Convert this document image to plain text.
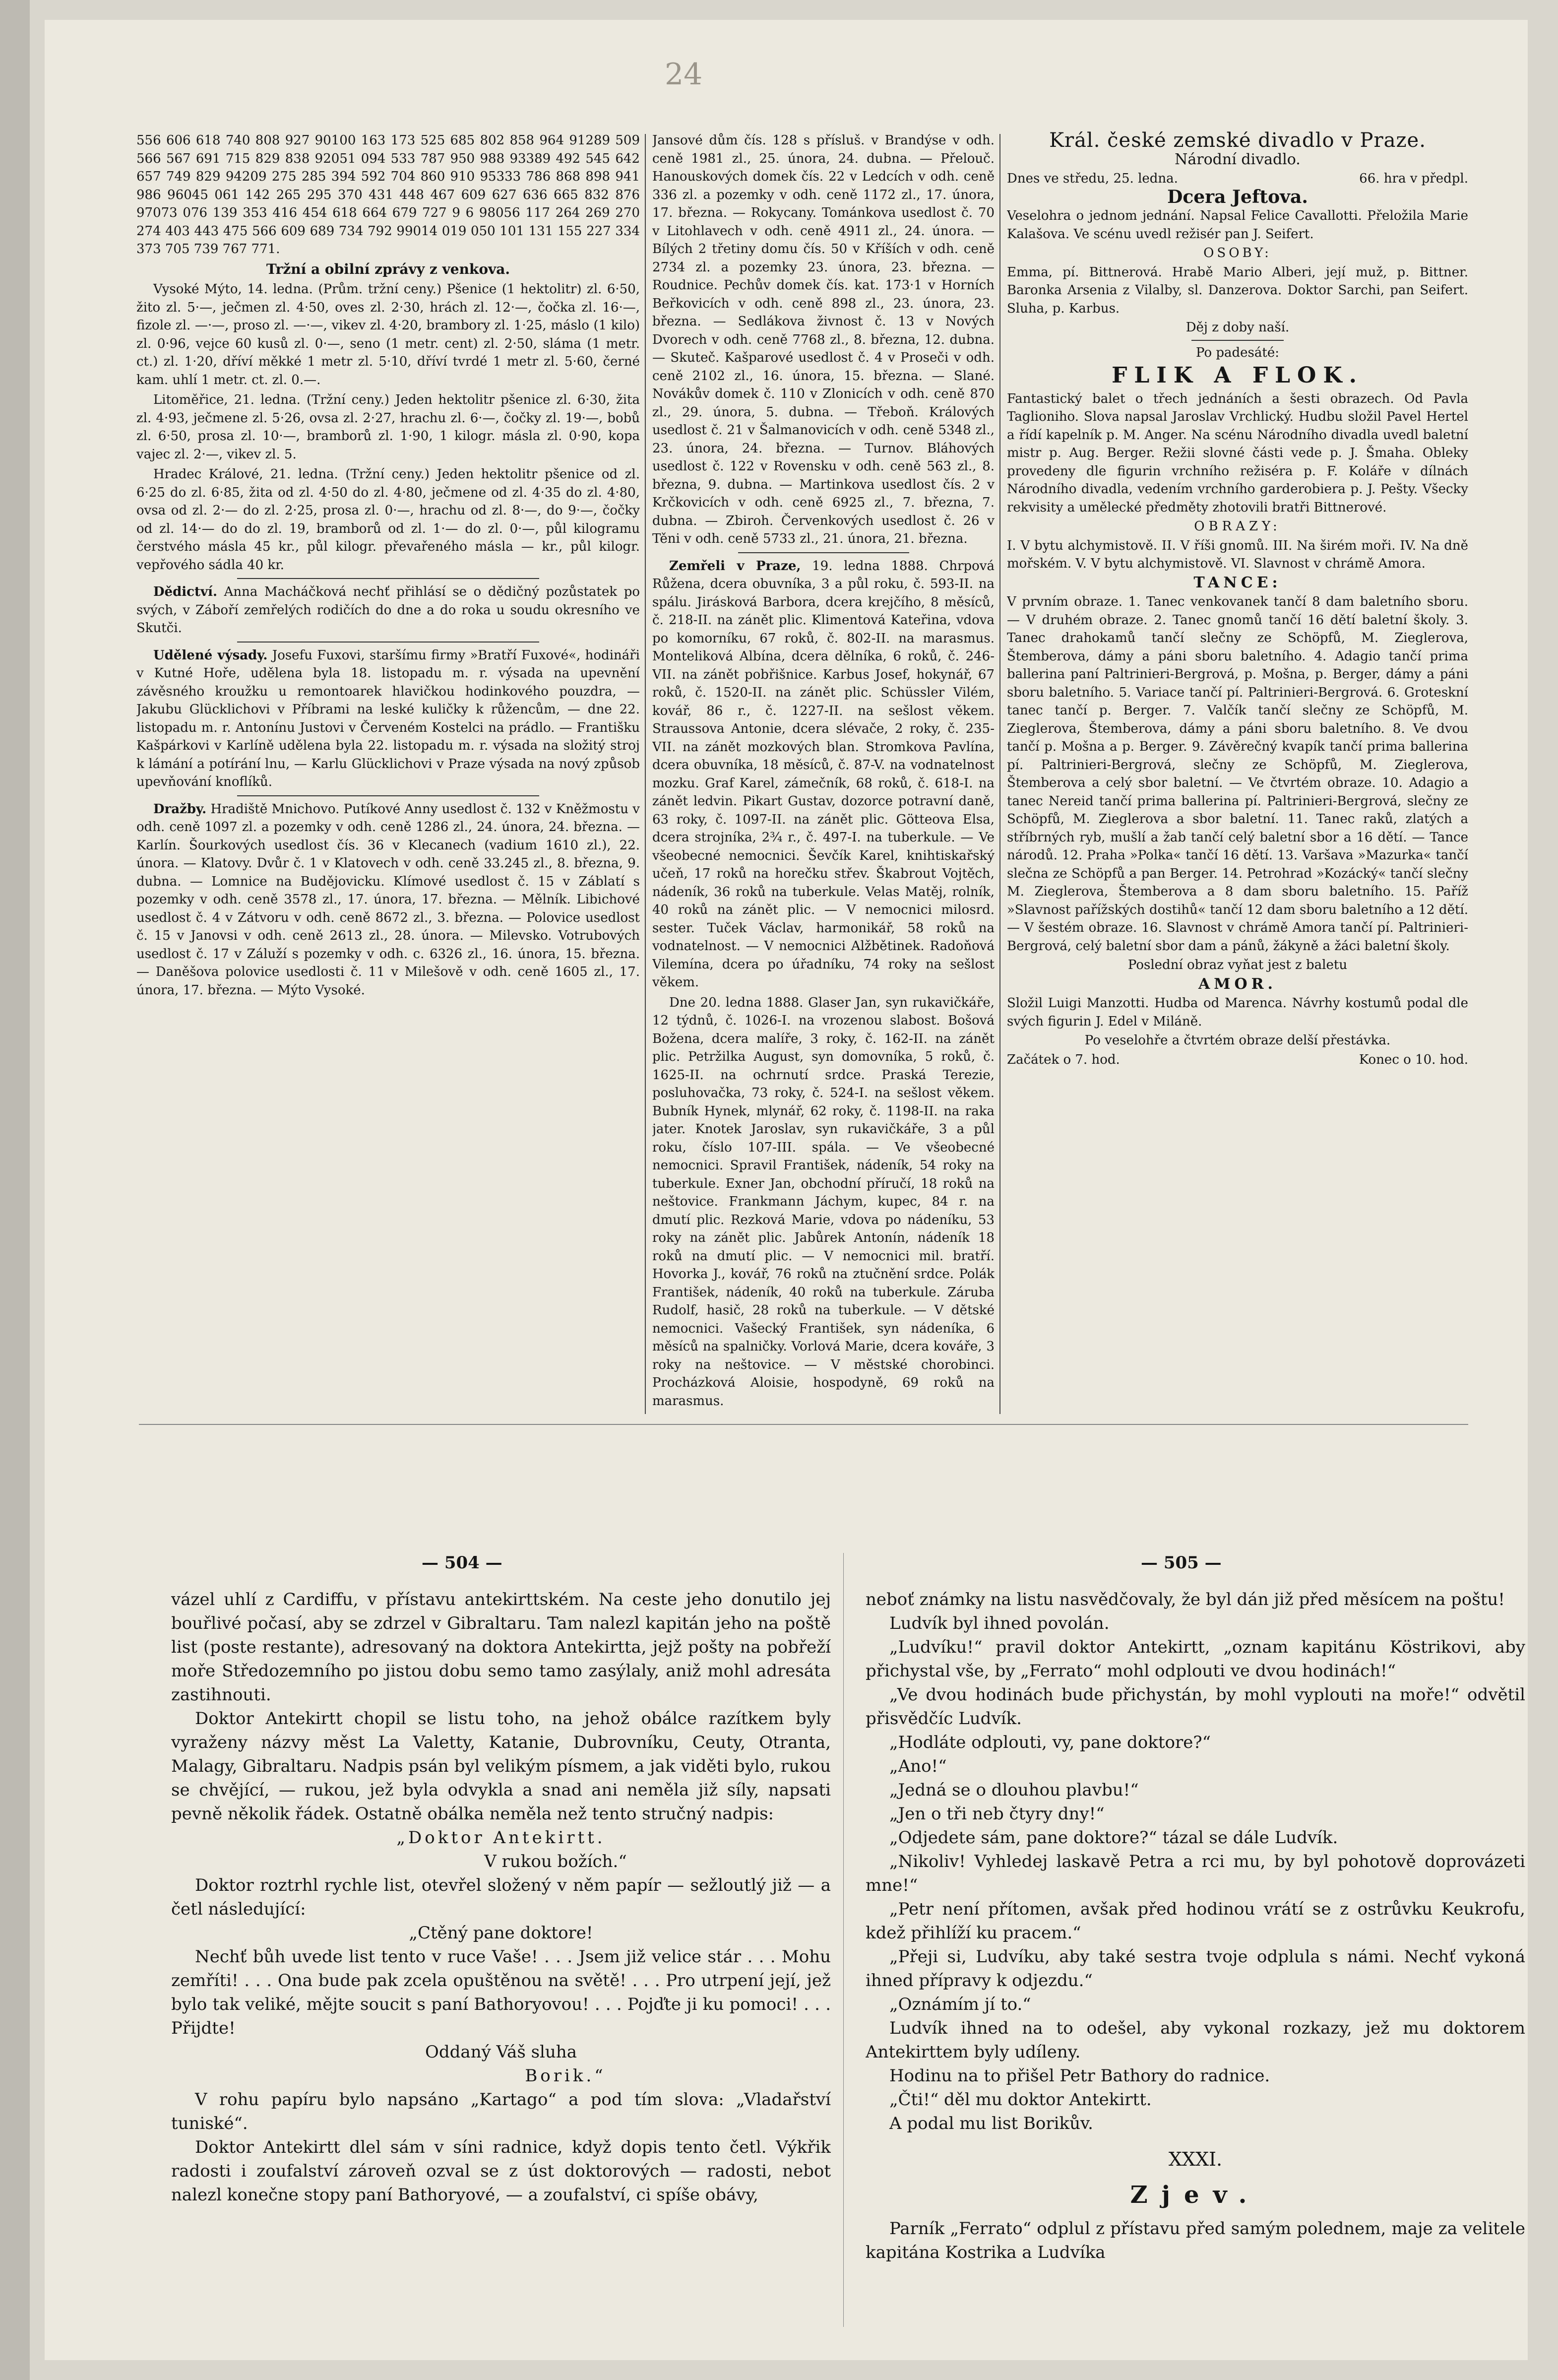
24

556 606 618 740 808 927 90100 163 173 525 685 802 858 964 91289 509 566 567 691 715 829 838 92051 094 533 787 950 988 93389 492 545 642 657 749 829 94209 275 285 394 592 704 860 910 95333 786 868 898 941 986 96045 061 142 265 295 370 431 448 467 609 627 636 665 832 876 97073 076 139 353 416 454 618 664 679 727 9 6 98056 117 264 269 270 274 403 443 475 566 609 689 734 792 99014 019 050 101 131 155 227 334 373 705 739 767 771.

Tržní a obilní zprávy z venkova.

Vysoké Mýto, 14. ledna. (Prům. tržní ceny.) Pšenice (1 hektolitr) zl. 6·50, žito zl. 5·—, ječmen zl. 4·50, oves zl. 2·30, hrách zl. 12·—, čočka zl. 16·—, fizole zl. —·—, proso zl. —·—, vikev zl. 4·20, brambory zl. 1·25, máslo (1 kilo) zl. 0·96, vejce 60 kusů zl. 0·—, seno (1 metr. cent) zl. 2·50, sláma (1 metr. ct.) zl. 1·20, dříví měkké 1 metr zl. 5·10, dříví tvrdé 1 metr zl. 5·60, černé kam. uhlí 1 metr. ct. zl. 0.—.

Litoměřice, 21. ledna. (Tržní ceny.) Jeden hektolitr pšenice zl. 6·30, žita zl. 4·93, ječmene zl. 5·26, ovsa zl. 2·27, hrachu zl. 6·—, čočky zl. 19·—, bobů zl. 6·50, prosa zl. 10·—, bramborů zl. 1·90, 1 kilogr. másla zl. 0·90, kopa vajec zl. 2·—, vikev zl. 5.

Hradec Králové, 21. ledna. (Tržní ceny.) Jeden hektolitr pšenice od zl. 6·25 do zl. 6·85, žita od zl. 4·50 do zl. 4·80, ječmene od zl. 4·35 do zl. 4·80, ovsa od zl. 2·— do zl. 2·25, prosa zl. 0·—, hrachu od zl. 8·—, do 9·—, čočky od zl. 14·— do do zl. 19, bramborů od zl. 1·— do zl. 0·—, půl kilogramu čerstvého másla 45 kr., půl kilogr. převařeného másla — kr., půl kilogr. vepřového sádla 40 kr.

Dědictví. Anna Macháčková nechť přihlásí se o dědičný pozůstatek po svých, v Záboří zemřelých rodičích do dne a do roka u soudu okresního ve Skutči.

Udělené výsady. Josefu Fuxovi, staršímu firmy »Bratří Fuxové«, hodináři v Kutné Hoře, udělena byla 18. listopadu m. r. výsada na upevnění závěsného kroužku u remontoarek hlavičkou hodinkového pouzdra, — Jakubu Glücklichovi v Příbrami na leské kuličky k růžencům, — dne 22. listopadu m. r. Antonínu Justovi v Červeném Kostelci na prádlo. — Františku Kašpárkovi v Karlíně udělena byla 22. listopadu m. r. výsada na složitý stroj k lámání a potírání lnu, — Karlu Glücklichovi v Praze výsada na nový způsob upevňování knoflíků.

Dražby. Hradiště Mnichovo. Putíkové Anny usedlost č. 132 v Kněžmostu v odh. ceně 1097 zl. a pozemky v odh. ceně 1286 zl., 24. února, 24. března. — Karlín. Šourkových usedlost čís. 36 v Klecanech (vadium 1610 zl.), 22. února. — Klatovy. Dvůr č. 1 v Klatovech v odh. ceně 33.245 zl., 8. března, 9. dubna. — Lomnice na Budějovicku. Klímové usedlost č. 15 v Záblatí s pozemky v odh. ceně 3578 zl., 17. února, 17. března. — Mělník. Libichové usedlost č. 4 v Zátvoru v odh. ceně 8672 zl., 3. března. — Polovice usedlost č. 15 v Janovsi v odh. ceně 2613 zl., 28. února. — Milevsko. Votrubových usedlost č. 17 v Záluží s pozemky v odh. c. 6326 zl., 16. února, 15. března. — Daněšova polovice usedlosti č. 11 v Milešově v odh. ceně 1605 zl., 17. února, 17. března. — Mýto Vysoké.

Jansové dům čís. 128 s přísluš. v Brandýse v odh. ceně 1981 zl., 25. února, 24. dubna. — Přelouč. Hanouskových domek čís. 22 v Ledcích v odh. ceně 336 zl. a pozemky v odh. ceně 1172 zl., 17. února, 17. března. — Rokycany. Tománkova usedlost č. 70 v Litohlavech v odh. ceně 4911 zl., 24. února. — Bílých 2 třetiny domu čís. 50 v Kříších v odh. ceně 2734 zl. a pozemky 23. února, 23. března. — Roudnice. Pechův domek čís. kat. 173·1 v Horních Beřkovicích v odh. ceně 898 zl., 23. února, 23. března. — Sedlákova živnost č. 13 v Nových Dvorech v odh. ceně 7768 zl., 8. března, 12. dubna. — Skuteč. Kašparové usedlost č. 4 v Proseči v odh. ceně 2102 zl., 16. února, 15. března. — Slané. Novákův domek č. 110 v Zlonicích v odh. ceně 870 zl., 29. února, 5. dubna. — Třeboň. Králových usedlost č. 21 v Šalmanovicích v odh. ceně 5348 zl., 23. února, 24. března. — Turnov. Bláhových usedlost č. 122 v Rovensku v odh. ceně 563 zl., 8. března, 9. dubna. — Martinkova usedlost čís. 2 v Krčkovicích v odh. ceně 6925 zl., 7. března, 7. dubna. — Zbiroh. Červenkových usedlost č. 26 v Těni v odh. ceně 5733 zl., 21. února, 21. března.

Zemřeli v Praze, 19. ledna 1888. Chrpová Růžena, dcera obuvníka, 3 a půl roku, č. 593-II. na spálu. Jirásková Barbora, dcera krejčího, 8 měsíců, č. 218-II. na zánět plic. Klimentová Kateřina, vdova po komorníku, 67 roků, č. 802-II. na marasmus. Monteliková Albína, dcera dělníka, 6 roků, č. 246-VII. na zánět pobřišnice. Karbus Josef, hokynář, 67 roků, č. 1520-II. na zánět plic. Schüssler Vilém, kovář, 86 r., č. 1227-II. na sešlost věkem. Straussova Antonie, dcera slévače, 2 roky, č. 235-VII. na zánět mozkových blan. Stromkova Pavlína, dcera obuvníka, 18 měsíců, č. 87-V. na vodnatelnost mozku. Graf Karel, zámečník, 68 roků, č. 618-I. na zánět ledvin. Pikart Gustav, dozorce potravní daně, 63 roky, č. 1097-II. na zánět plic. Götteova Elsa, dcera strojníka, 2¾ r., č. 497-I. na tuberkule. — Ve všeobecné nemocnici. Ševčík Karel, knihtiskařský učeň, 17 roků na horečku střev. Škabrout Vojtěch, nádeník, 36 roků na tuberkule. Velas Matěj, rolník, 40 roků na zánět plic. — V nemocnici milosrd. sester. Tuček Václav, harmonikář, 58 roků na vodnatelnost. — V nemocnici Alžbětinek. Radoňová Vilemína, dcera po úřadníku, 74 roky na sešlost věkem.

Dne 20. ledna 1888. Glaser Jan, syn rukavičkáře, 12 týdnů, č. 1026-I. na vrozenou slabost. Bošová Božena, dcera malíře, 3 roky, č. 162-II. na zánět plic. Petržilka August, syn domovníka, 5 roků, č. 1625-II. na ochrnutí srdce. Praská Terezie, posluhovačka, 73 roky, č. 524-I. na sešlost věkem. Bubník Hynek, mlynář, 62 roky, č. 1198-II. na raka jater. Knotek Jaroslav, syn rukavičkáře, 3 a půl roku, číslo 107-III. spála. — Ve všeobecné nemocnici. Spravil František, nádeník, 54 roky na tuberkule. Exner Jan, obchodní příručí, 18 roků na neštovice. Frankmann Jáchym, kupec, 84 r. na dmutí plic. Rezková Marie, vdova po nádeníku, 53 roky na zánět plic. Jabůrek Antonín, nádeník 18 roků na dmutí plic. — V nemocnici mil. bratří. Hovorka J., kovář, 76 roků na ztučnění srdce. Polák František, nádeník, 40 roků na tuberkule. Záruba Rudolf, hasič, 28 roků na tuberkule. — V dětské nemocnici. Vašecký František, syn nádeníka, 6 měsíců na spalničky. Vorlová Marie, dcera kováře, 3 roky na neštovice. — V městské chorobinci. Procházková Aloisie, hospodyně, 69 roků na marasmus.

Král. české zemské divadlo v Praze.

Národní divadlo.

Dnes ve středu, 25. ledna.	66. hra v předpl.

Dcera Jeftova.

Veselohra o jednom jednání. Napsal Felice Cavallotti. Přeložila Marie Kalašova. Ve scénu uvedl režisér pan J. Seifert.

OSOBY:

Emma, pí. Bittnerová. Hrabě Mario Alberi, její muž, p. Bittner. Baronka Arsenia z Vilalby, sl. Danzerova. Doktor Sarchi, pan Seifert. Sluha, p. Karbus.

Děj z doby naší.

Po padesáté:

FLIK A FLOK.

Fantastický balet o třech jednáních a šesti obrazech. Od Pavla Taglioniho. Slova napsal Jaroslav Vrchlický. Hudbu složil Pavel Hertel a řídí kapelník p. M. Anger. Na scénu Národního divadla uvedl baletní mistr p. Aug. Berger. Režii slovné části vede p. J. Šmaha. Obleky provedeny dle figurin vrchního režiséra p. F. Koláře v dílnách Národního divadla, vedením vrchního garderobiera p. J. Pešty. Všecky rekvisity a umělecké předměty zhotovili bratři Bittnerové.

OBRAZY:

I. V bytu alchymistově. II. V říši gnomů. III. Na širém moři. IV. Na dně mořském. V. V bytu alchymistově. VI. Slavnost v chrámě Amora.

TANCE:

V prvním obraze. 1. Tanec venkovanek tančí 8 dam baletního sboru. — V druhém obraze. 2. Tanec gnomů tančí 16 dětí baletní školy. 3. Tanec drahokamů tančí slečny ze Schöpfů, M. Zieglerova, Štemberova, dámy a páni sboru baletního. 4. Adagio tančí prima ballerina paní Paltrinieri-Bergrová, p. Mošna, p. Berger, dámy a páni sboru baletního. 5. Variace tančí pí. Paltrinieri-Bergrová. 6. Groteskní tanec tančí p. Berger. 7. Valčík tančí slečny ze Schöpfů, M. Zieglerova, Štemberova, dámy a páni sboru baletního. 8. Ve dvou tančí p. Mošna a p. Berger. 9. Závěrečný kvapík tančí prima ballerina pí. Paltrinieri-Bergrová, slečny ze Schöpfů, M. Zieglerova, Štemberova a celý sbor baletní. — Ve čtvrtém obraze. 10. Adagio a tanec Nereid tančí prima ballerina pí. Paltrinieri-Bergrová, slečny ze Schöpfů, M. Zieglerova a sbor baletní. 11. Tanec raků, zlatých a stříbrných ryb, mušlí a žab tančí celý baletní sbor a 16 dětí. — Tance národů. 12. Praha »Polka« tančí 16 dětí. 13. Varšava »Mazurka« tančí slečna ze Schöpfů a pan Berger. 14. Petrohrad »Kozácký« tančí slečny M. Zieglerova, Štemberova a 8 dam sboru baletního. 15. Paříž »Slavnost pařížských dostihů« tančí 12 dam sboru baletního a 12 dětí. — V šestém obraze. 16. Slavnost v chrámě Amora tančí pí. Paltrinieri-Bergrová, celý baletní sbor dam a pánů, žákyně a žáci baletní školy.

Poslední obraz vyňat jest z baletu

AMOR.

Složil Luigi Manzotti. Hudba od Marenca. Návrhy kostumů podal dle svých figurin J. Edel v Miláně.

Po veselohře a čtvrtém obraze delší přestávka.

Začátek o 7. hod.	Konec o 10. hod.
— 504 —	— 505 —

vázel uhlí z Cardiffu, v přístavu antekirttském. Na ceste jeho donutilo jej bouřlivé počasí, aby se zdrzel v Gibraltaru. Tam nalezl kapitán jeho na poště list (poste restante), adresovaný na doktora Antekirtta, jejž pošty na pobřeží moře Středozemního po jistou dobu semo tamo zasýlaly, aniž mohl adresáta zastihnouti.

Doktor Antekirtt chopil se listu toho, na jehož obálce razítkem byly vyraženy názvy měst La Valetty, Katanie, Dubrovníku, Ceuty, Otranta, Malagy, Gibraltaru. Nadpis psán byl velikým písmem, a jak viděti bylo, rukou se chvějící, — rukou, jež byla odvykla a snad ani neměla již síly, napsati pevně několik řádek. Ostatně obálka neměla než tento stručný nadpis:

„Doktor Antekirtt.

V rukou božích.“

Doktor roztrhl rychle list, otevřel složený v něm papír — sežloutlý již — a četl následující:

„Ctěný pane doktore!

Nechť bůh uvede list tento v ruce Vaše! . . . Jsem již velice stár . . . Mohu zemříti! . . . Ona bude pak zcela opuštěnou na světě! . . . Pro utrpení její, jež bylo tak veliké, mějte soucit s paní Bathoryovou! . . . Pojďte ji ku pomoci! . . . Přijdte!

Oddaný Váš sluha

Borik.“

V rohu papíru bylo napsáno „Kartago“ a pod tím slova: „Vladařství tuniské“.

Doktor Antekirtt dlel sám v síni radnice, když dopis tento četl. Výkřik radosti i zoufalství zároveň ozval se z úst doktorových — radosti, nebot nalezl konečne stopy paní Bathoryové, — a zoufalství, ci spíše obávy,

neboť známky na listu nasvědčovaly, že byl dán již před měsícem na poštu!

Ludvík byl ihned povolán.

„Ludvíku!“ pravil doktor Antekirtt, „oznam kapitánu Köstrikovi, aby přichystal vše, by „Ferrato“ mohl odplouti ve dvou hodinách!“

„Ve dvou hodinách bude přichystán, by mohl vyplouti na moře!“ odvětil přisvědčíc Ludvík.

„Hodláte odplouti, vy, pane doktore?“

„Ano!“

„Jedná se o dlouhou plavbu!“

„Jen o tři neb čtyry dny!“

„Odjedete sám, pane doktore?“ tázal se dále Ludvík.

„Nikoliv! Vyhledej laskavě Petra a rci mu, by byl pohotově doprovázeti mne!“

„Petr není přítomen, avšak před hodinou vrátí se z ostrůvku Keukrofu, kdež přihlíží ku pracem.“

„Přeji si, Ludvíku, aby také sestra tvoje odplula s námi. Nechť vykoná ihned přípravy k odjezdu.“

„Oznámím jí to.“

Ludvík ihned na to odešel, aby vykonal rozkazy, jež mu doktorem Antekirttem byly udíleny.

Hodinu na to přišel Petr Bathory do radnice.

„Čti!“ děl mu doktor Antekirtt.

A podal mu list Borikův.

XXXI.

Zjev.

Parník „Ferrato“ odplul z přístavu před samým polednem, maje za velitele kapitána Kostrika a Ludvíka
